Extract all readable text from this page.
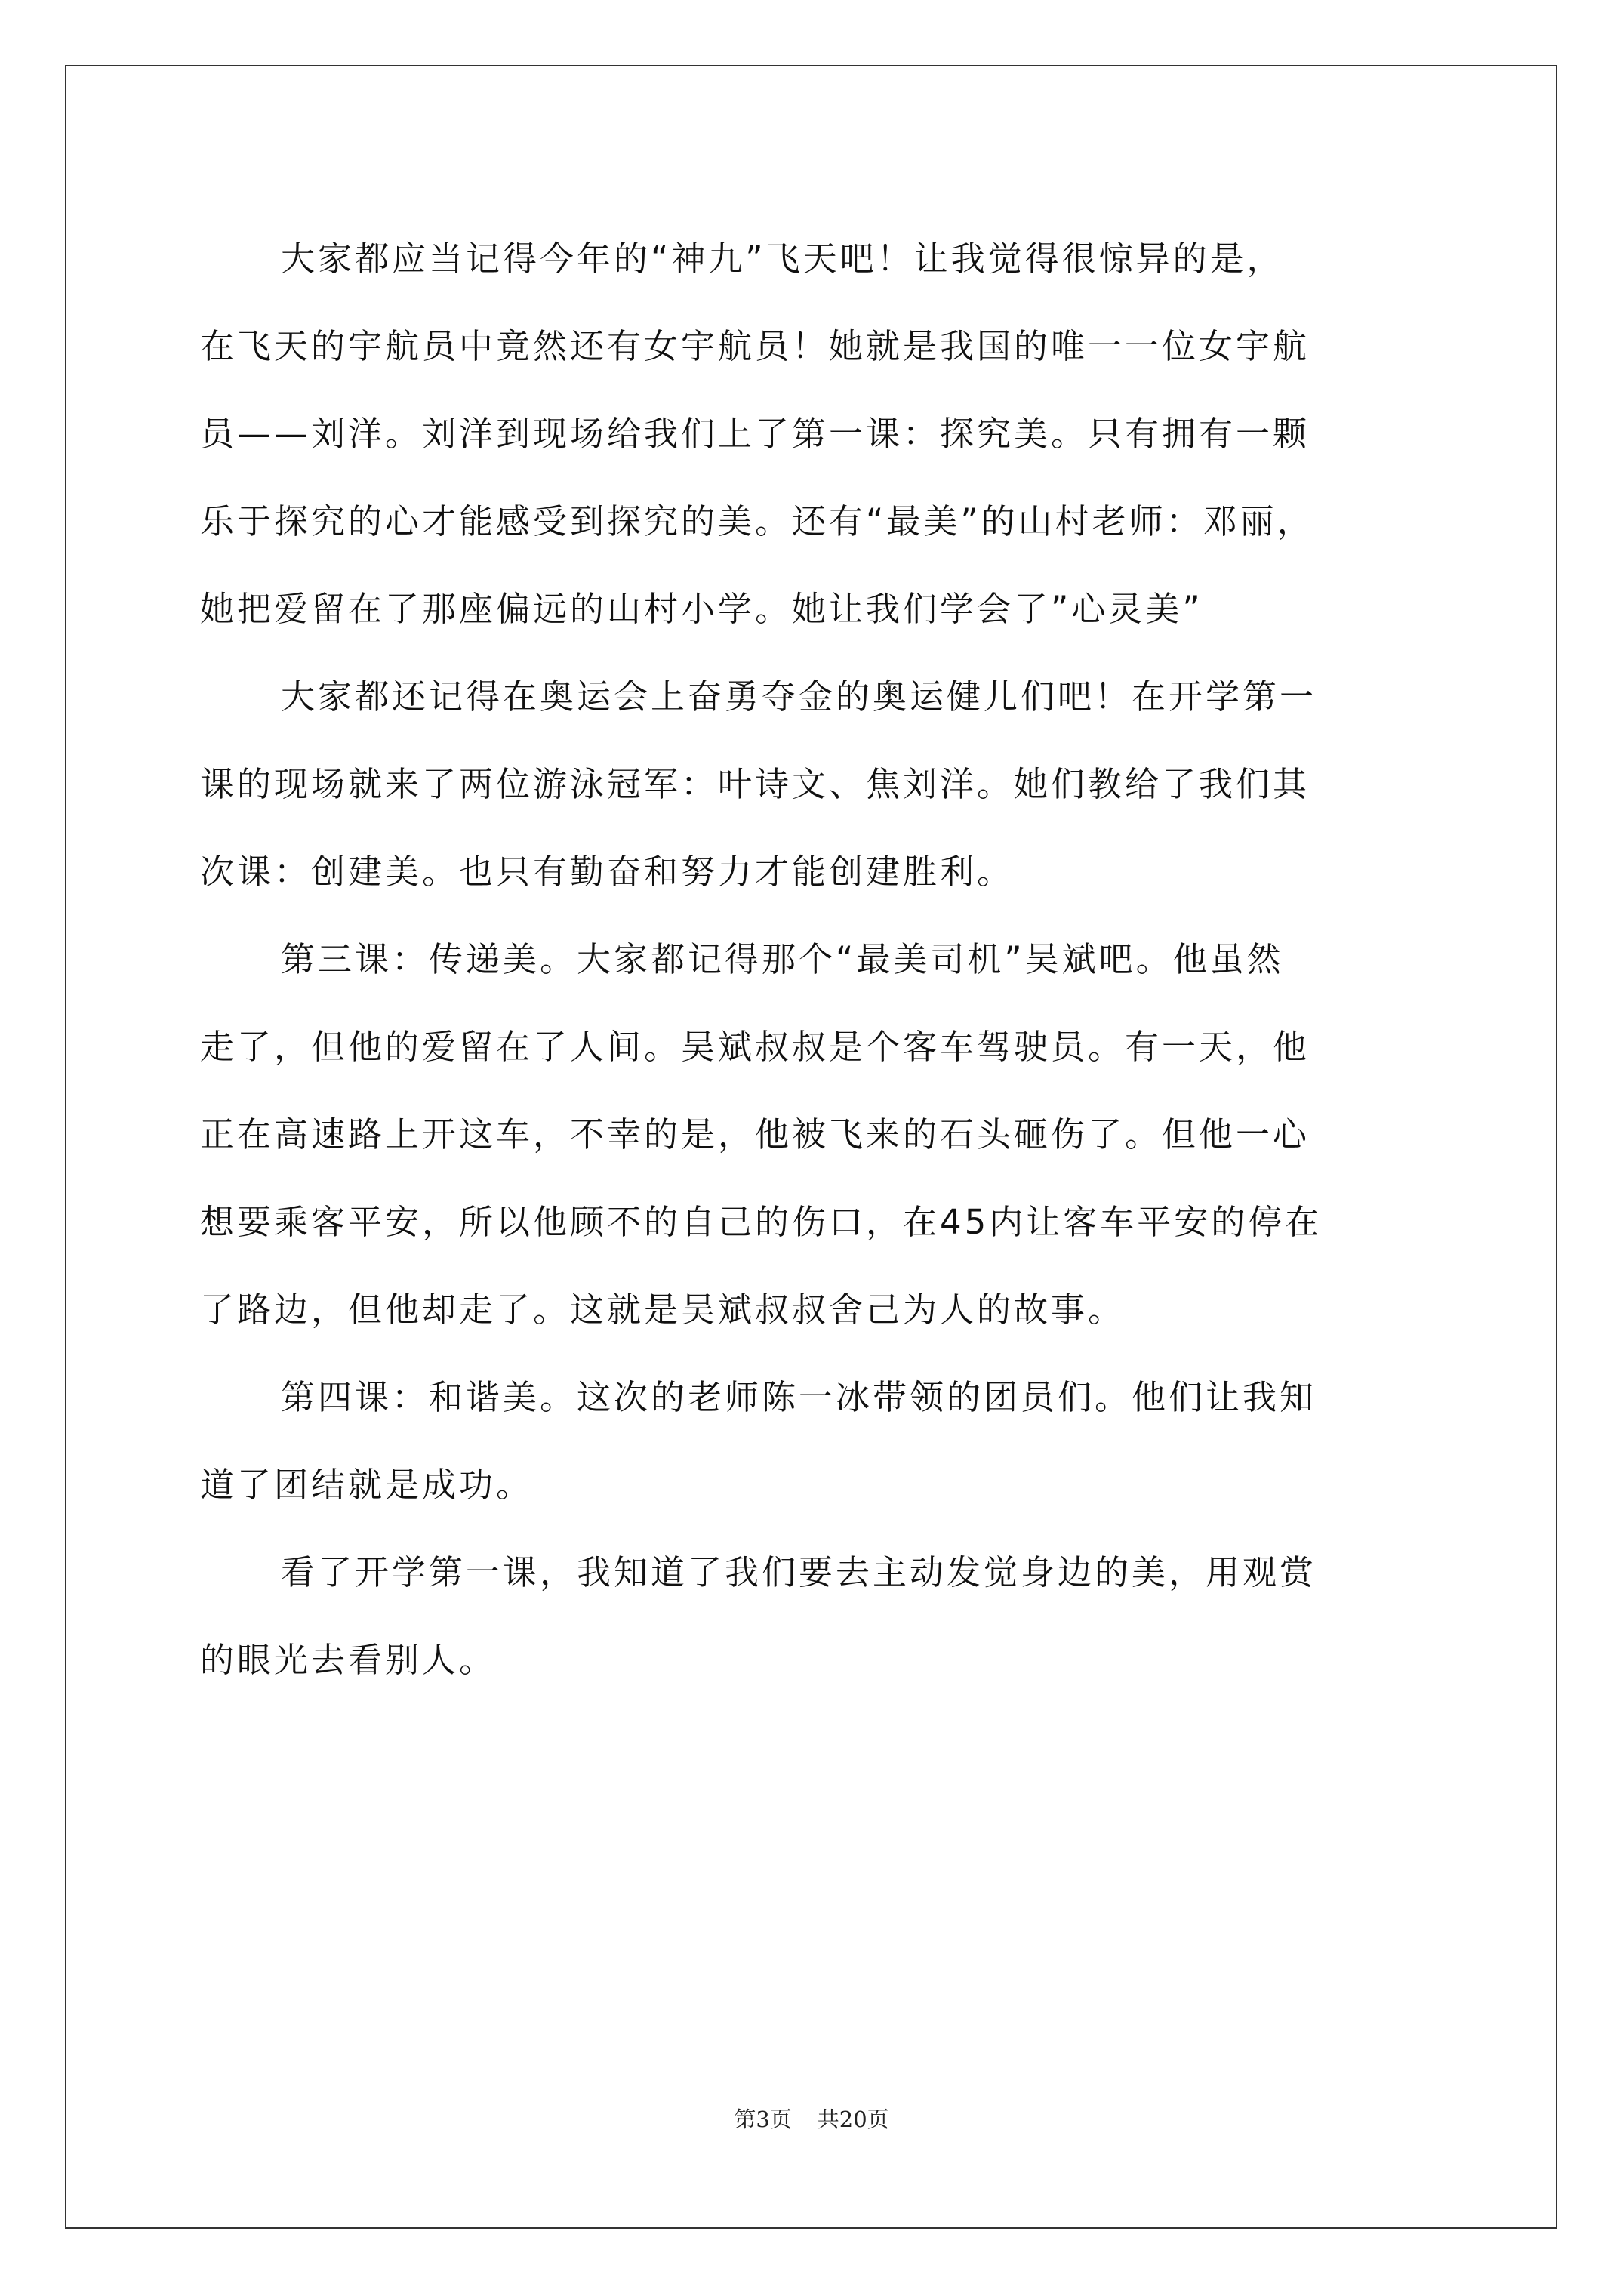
大家都应当记得今年的“神九”飞天吧！让我觉得很惊异的是，
在飞天的宇航员中竟然还有女宇航员！她就是我国的唯一一位女宇航
员——刘洋。刘洋到现场给我们上了第一课：探究美。只有拥有一颗
乐于探究的心才能感受到探究的美。还有“最美”的山村老师：邓丽，
她把爱留在了那座偏远的山村小学。她让我们学会了”心灵美”
大家都还记得在奥运会上奋勇夺金的奥运健儿们吧！在开学第一
课的现场就来了两位游泳冠军：叶诗文、焦刘洋。她们教给了我们其
次课：创建美。也只有勤奋和努力才能创建胜利。
第三课：传递美。大家都记得那个“最美司机”吴斌吧。他虽然
走了，但他的爱留在了人间。吴斌叔叔是个客车驾驶员。有一天，他
正在高速路上开这车，不幸的是，他被飞来的石头砸伤了。但他一心
想要乘客平安，所以他顾不的自己的伤口，在45内让客车平安的停在
了路边，但他却走了。这就是吴斌叔叔舍己为人的故事。
第四课：和谐美。这次的老师陈一冰带领的团员们。他们让我知
道了团结就是成功。
看了开学第一课，我知道了我们要去主动发觉身边的美，用观赏
的眼光去看别人。
第3页 共20页
